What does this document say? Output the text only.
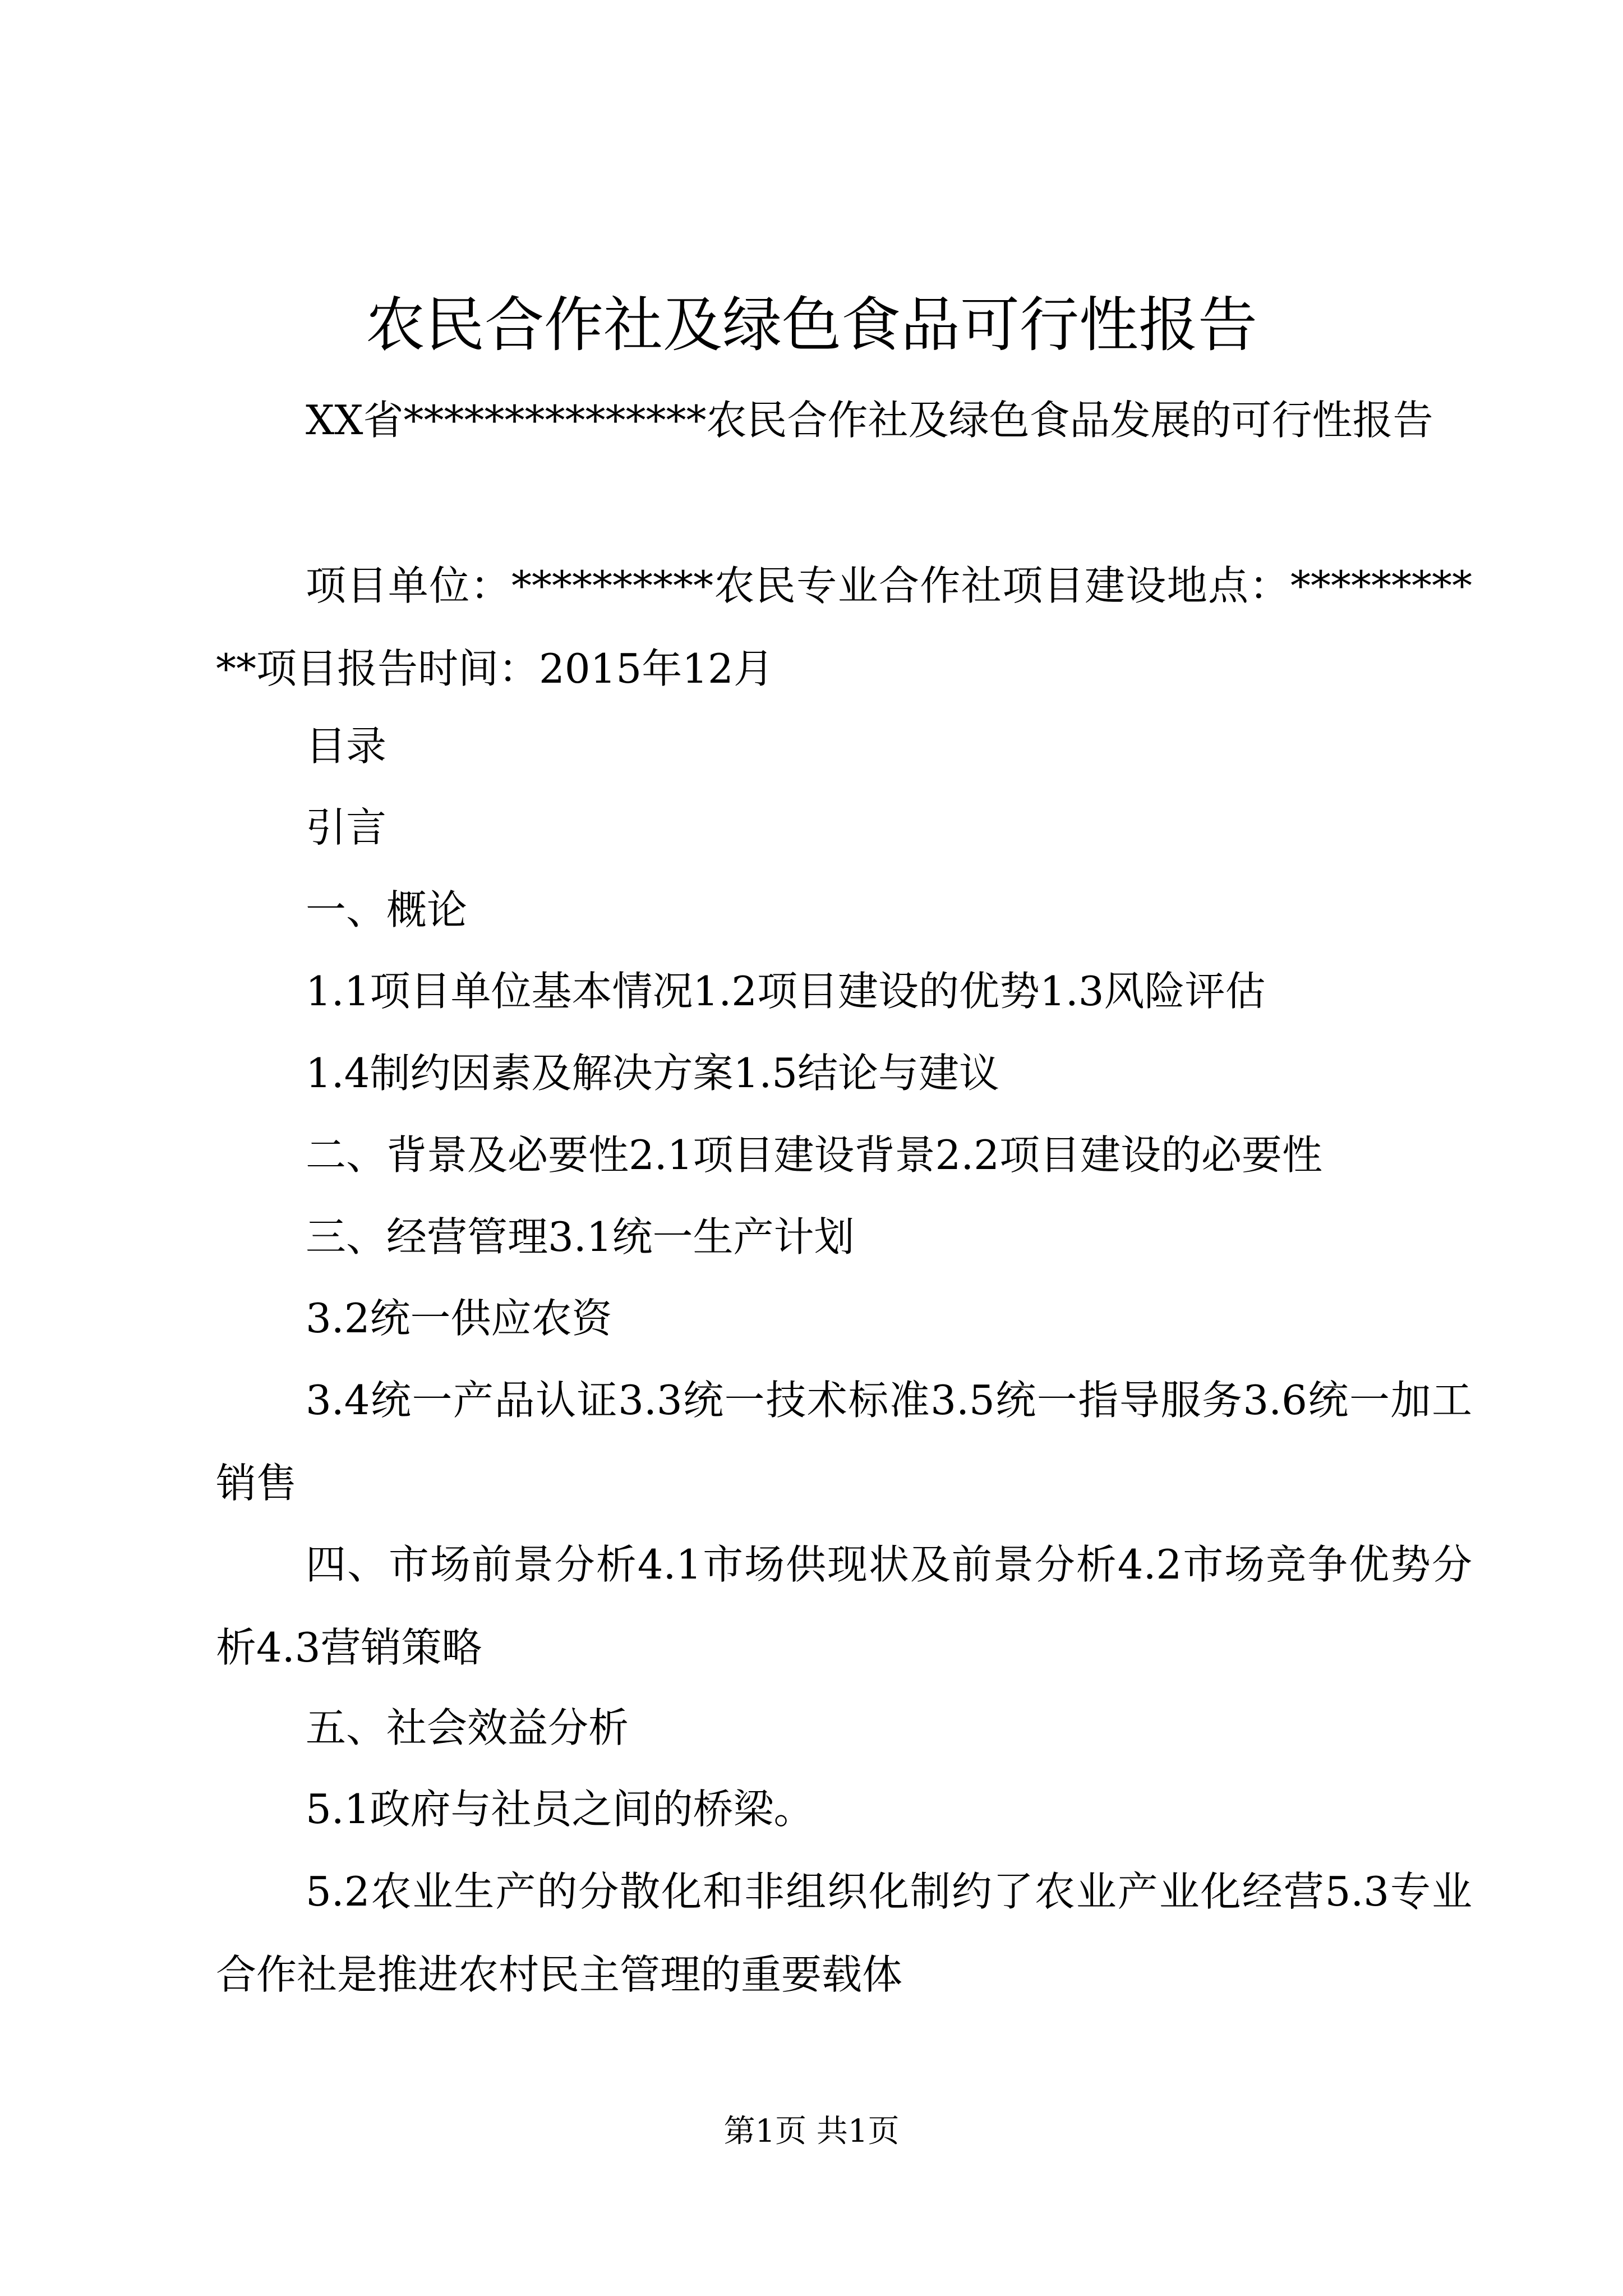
农民合作社及绿色食品可行性报告
XX省***************农民合作社及绿色食品发展的可行性报告
项目单位：**********农民专业合作社项目建设地点：***********项目报告时间：2015年12月
目录
引言
一、概论
1.1项目单位基本情况1.2项目建设的优势1.3风险评估
1.4制约因素及解决方案1.5结论与建议
二、背景及必要性2.1项目建设背景2.2项目建设的必要性
三、经营管理3.1统一生产计划
3.2统一供应农资
3.4统一产品认证3.3统一技术标准3.5统一指导服务3.6统一加工销售
四、市场前景分析4.1市场供现状及前景分析4.2市场竞争优势分析4.3营销策略
五、社会效益分析
5.1政府与社员之间的桥梁。
5.2农业生产的分散化和非组织化制约了农业产业化经营5.3专业合作社是推进农村民主管理的重要载体
第1页 共1页
